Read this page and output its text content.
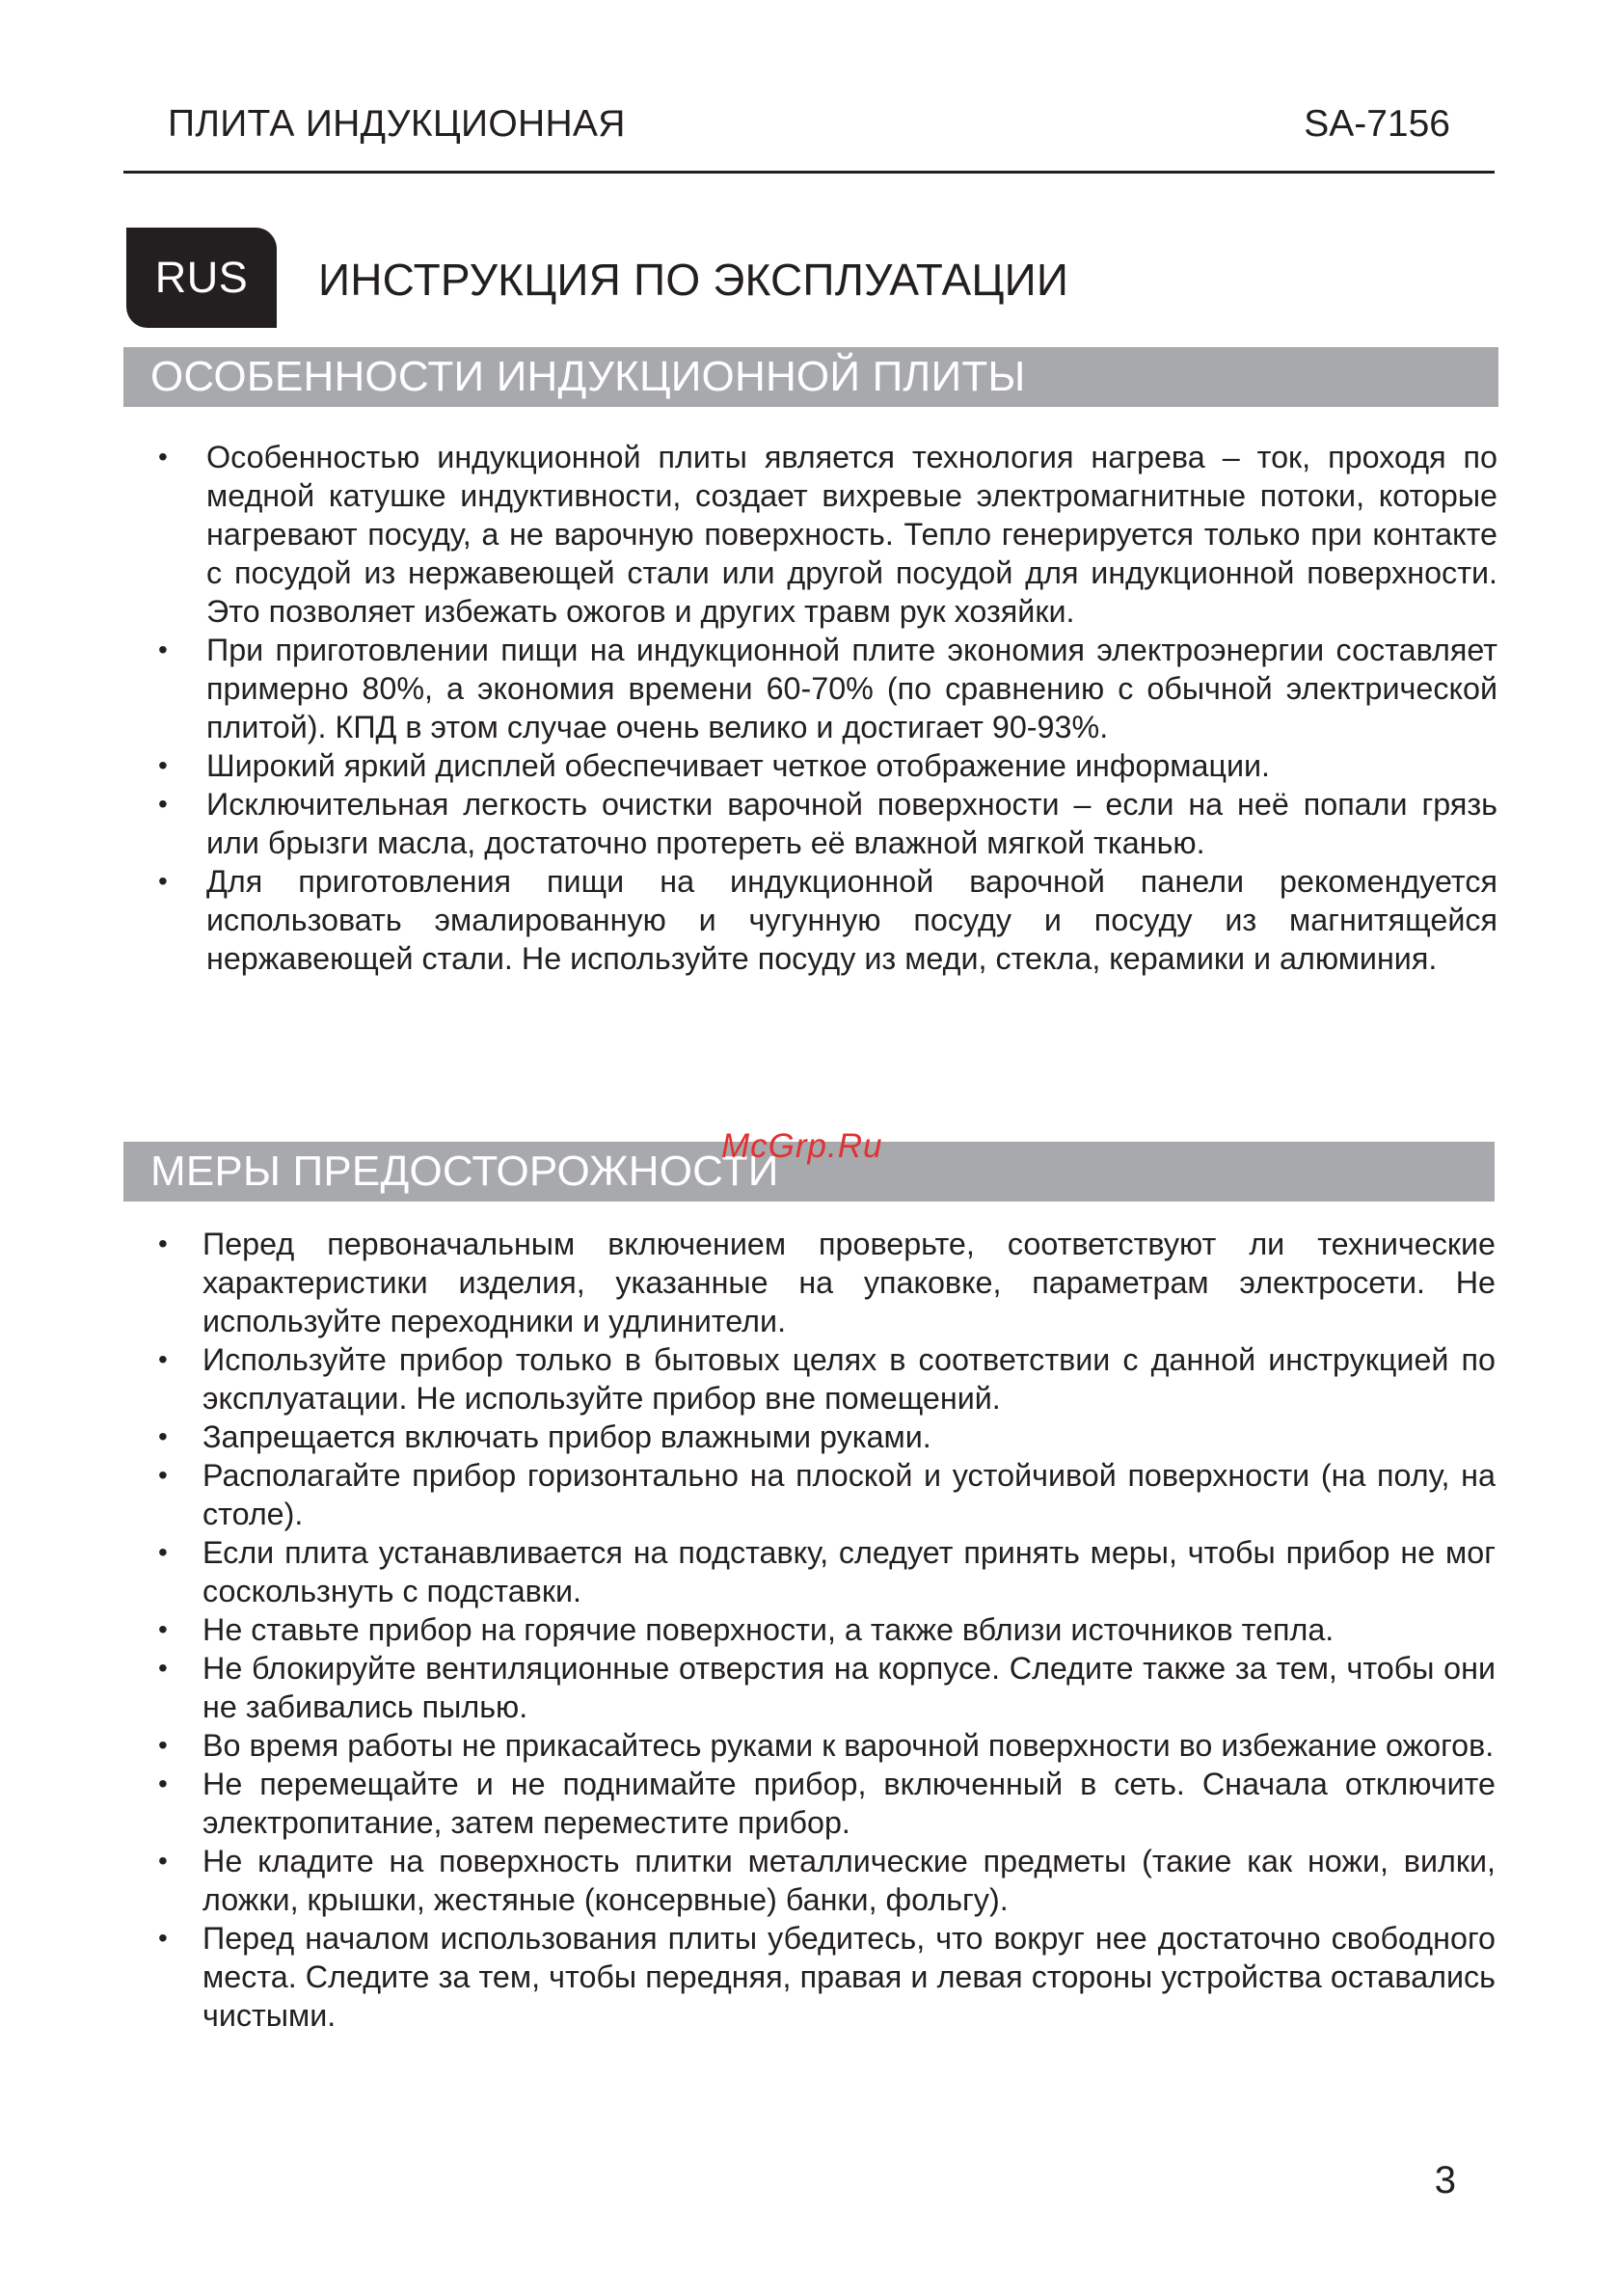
ПЛИТА ИНДУКЦИОННАЯ	SA-7156
RUS	ИНСТРУКЦИЯ ПО ЭКСПЛУАТАЦИИ
ОСОБЕННОСТИ ИНДУКЦИОННОЙ ПЛИТЫ
• Особенностью индукционной плиты является технология нагрева – ток, проходя по медной катушке индуктивности, создает вихревые электромагнитные потоки, которые нагревают посуду, а не варочную поверхность. Тепло генерируется только при контакте с посудой из нержавеющей стали или другой посудой для индукционной поверхности. Это позволяет избежать ожогов и других травм рук хозяйки.
• При приготовлении пищи на индукционной плите экономия электроэнергии составляет примерно 80%, а экономия времени 60-70% (по сравнению с обычной электрической плитой). КПД в этом случае очень велико и достигает 90-93%.
• Широкий яркий дисплей обеспечивает четкое отображение информации.
• Исключительная легкость очистки варочной поверхности – если на неё попали грязь или брызги масла, достаточно протереть её влажной мягкой тканью.
• Для приготовления пищи на индукционной варочной панели рекомендуется использовать эмалированную и чугунную посуду и посуду из магнитящейся нержавеющей стали. Не используйте посуду из меди, стекла, керамики и алюминия.
МЕРЫ ПРЕДОСТОРОЖНОСТИ
McGrp.Ru
• Перед первоначальным включением проверьте, соответствуют ли технические характеристики изделия, указанные на упаковке, параметрам электросети. Не используйте переходники и удлинители.
• Используйте прибор только в бытовых целях в соответствии с данной инструкцией по эксплуатации. Не используйте прибор вне помещений.
• Запрещается включать прибор влажными руками.
• Располагайте прибор горизонтально на плоской и устойчивой поверхности (на полу, на столе).
• Если плита устанавливается на подставку, следует принять меры, чтобы прибор не мог соскользнуть с подставки.
• Не ставьте прибор на горячие поверхности, а также вблизи источников тепла.
• Не блокируйте вентиляционные отверстия на корпусе. Следите также за тем, чтобы они не забивались пылью.
• Во время работы не прикасайтесь руками к варочной поверхности во избежание ожогов.
• Не перемещайте и не поднимайте прибор, включенный в сеть. Сначала отключите электропитание, затем переместите прибор.
• Не кладите на поверхность плитки металлические предметы (такие как ножи, вилки, ложки, крышки, жестяные (консервные) банки, фольгу).
• Перед началом использования плиты убедитесь, что вокруг нее достаточно свободного места. Следите за тем, чтобы передняя, правая и левая стороны устройства оставались чистыми.
3
